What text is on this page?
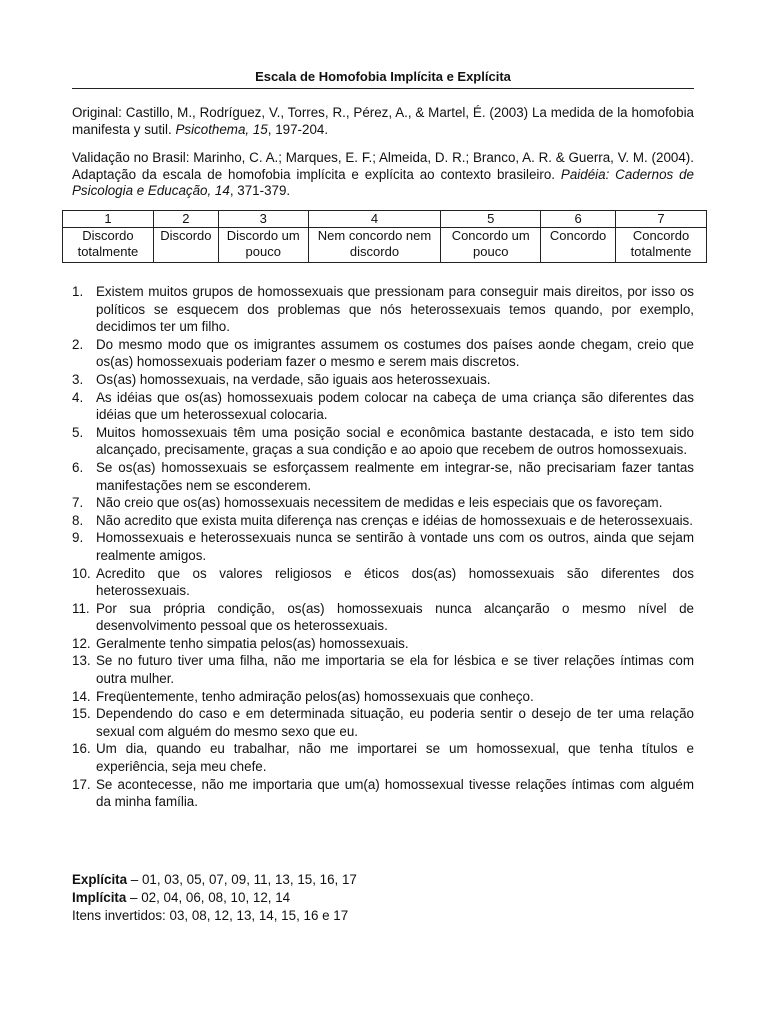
Escala de Homofobia Implícita e Explícita

Original: Castillo, M., Rodríguez, V., Torres, R., Pérez, A., & Martel, É. (2003) La medida de la homofobia manifesta y sutil. Psicothema, 15, 197-204.

Validação no Brasil: Marinho, C. A.; Marques, E. F.; Almeida, D. R.; Branco, A. R. & Guerra, V. M. (2004). Adaptação da escala de homofobia implícita e explícita ao contexto brasileiro. Paidéia: Cadernos de Psicologia e Educação, 14, 371-379.

1	2	3	4	5	6	7
Discordo totalmente	Discordo	Discordo um pouco	Nem concordo nem discordo	Concordo um pouco	Concordo	Concordo totalmente
1. Existem muitos grupos de homossexuais que pressionam para conseguir mais direitos, por isso os políticos se esquecem dos problemas que nós heterossexuais temos quando, por exemplo, decidimos ter um filho.
2. Do mesmo modo que os imigrantes assumem os costumes dos países aonde chegam, creio que os(as) homossexuais poderiam fazer o mesmo e serem mais discretos.
3. Os(as) homossexuais, na verdade, são iguais aos heterossexuais.
4. As idéias que os(as) homossexuais podem colocar na cabeça de uma criança são diferentes das idéias que um heterossexual colocaria.
5. Muitos homossexuais têm uma posição social e econômica bastante destacada, e isto tem sido alcançado, precisamente, graças a sua condição e ao apoio que recebem de outros homossexuais.
6. Se os(as) homossexuais se esforçassem realmente em integrar-se, não precisariam fazer tantas manifestações nem se esconderem.
7. Não creio que os(as) homossexuais necessitem de medidas e leis especiais que os favoreçam.
8. Não acredito que exista muita diferença nas crenças e idéias de homossexuais e de heterossexuais.
9. Homossexuais e heterossexuais nunca se sentirão à vontade uns com os outros, ainda que sejam realmente amigos.
10. Acredito que os valores religiosos e éticos dos(as) homossexuais são diferentes dos heterossexuais.
11. Por sua própria condição, os(as) homossexuais nunca alcançarão o mesmo nível de desenvolvimento pessoal que os heterossexuais.
12. Geralmente tenho simpatia pelos(as) homossexuais.
13. Se no futuro tiver uma filha, não me importaria se ela for lésbica e se tiver relações íntimas com outra mulher.
14. Freqüentemente, tenho admiração pelos(as) homossexuais que conheço.
15. Dependendo do caso e em determinada situação, eu poderia sentir o desejo de ter uma relação sexual com alguém do mesmo sexo que eu.
16. Um dia, quando eu trabalhar, não me importarei se um homossexual, que tenha títulos e experiência, seja meu chefe.
17. Se acontecesse, não me importaria que um(a) homossexual tivesse relações íntimas com alguém da minha família.
Explícita – 01, 03, 05, 07, 09, 11, 13, 15, 16, 17
Implícita – 02, 04, 06, 08, 10, 12, 14
Itens invertidos: 03, 08, 12, 13, 14, 15, 16 e 17
